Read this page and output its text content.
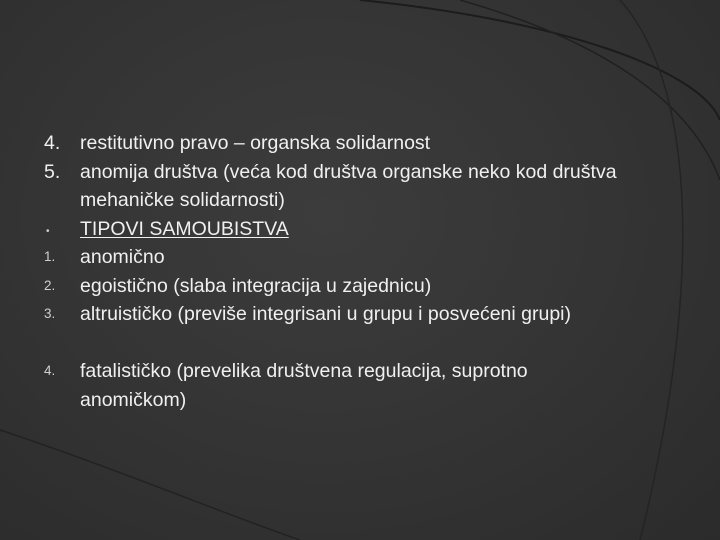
4.	restitutivno pravo – organska solidarnost
5.	anomija društva (veća kod društva organske neko kod društva mehaničke solidarnosti)
•	TIPOVI SAMOUBISTVA
1.	anomično
2.	egoistično (slaba integracija u zajednicu)
3.	altruističko (previše integrisani u grupu i posvećeni grupi)
4.	fatalističko (prevelika društvena regulacija, suprotno anomičkom)
